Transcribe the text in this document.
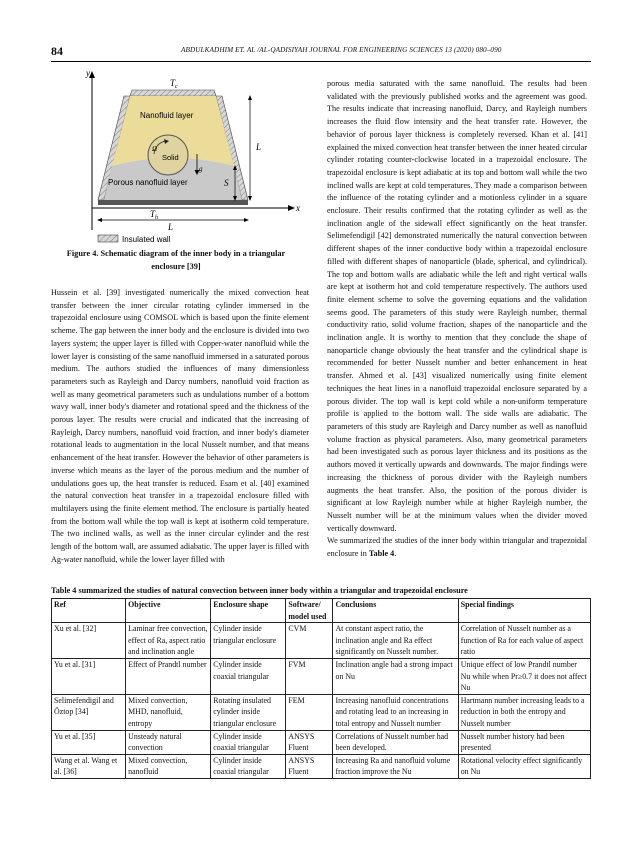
84	ABDULKADHIM ET. AL /AL-QADISIYAH JOURNAL FOR ENGINEERING SCIENCES 13 (2020) 080–090
y
x
$T_c$
Nanofluid layer
Ω
Solid
g
L
S
Porous nanofluid layer
$T_h$
L
Insulated wall
Figure 4. Schematic diagram of the inner body in a triangular
enclosure [39]

Hussein et al. [39] investigated numerically the mixed convection heat transfer between the inner circular rotating cylinder immersed in the trapezoidal enclosure using COMSOL which is based upon the finite element scheme. The gap between the inner body and the enclosure is divided into two layers system; the upper layer is filled with Copper-water nanofluid while the lower layer is consisting of the same nanofluid immersed in a saturated porous medium. The authors studied the influences of many dimensionless parameters such as Rayleigh and Darcy numbers, nanofluid void fraction as well as many geometrical parameters such as undulations number of a bottom wavy wall, inner body's diameter and rotational speed and the thickness of the porous layer. The results were crucial and indicated that the increasing of Rayleigh, Darcy numbers, nanofluid void fraction, and inner body's diameter rotational leads to augmentation in the local Nusselt number, and that means enhancement of the heat transfer. However the behavior of other parameters is inverse which means as the layer of the porous medium and the number of undulations goes up, the heat transfer is reduced. Esam et al. [40] examined the natural convection heat transfer in a trapezoidal enclosure filled with multilayers using the finite element method. The enclosure is partially heated from the bottom wall while the top wall is kept at isotherm cold temperature. The two inclined walls, as well as the inner circular cylinder and the rest length of the bottom wall, are assumed adiabatic. The upper layer is filled with Ag-water nanofluid, while the lower layer filled with

porous media saturated with the same nanofluid. The results had been validated with the previously published works and the agreement was good. The results indicate that increasing nanofluid, Darcy, and Rayleigh numbers increases the fluid flow intensity and the heat transfer rate. However, the behavior of porous layer thickness is completely reversed. Khan et al. [41] explained the mixed convection heat transfer between the inner heated circular cylinder rotating counter-clockwise located in a trapezoidal enclosure. The trapezoidal enclosure is kept adiabatic at its top and bottom wall while the two inclined walls are kept at cold temperatures. They made a comparison between the influence of the rotating cylinder and a motionless cylinder in a square enclosure. Their results confirmed that the rotating cylinder as well as the inclination angle of the sidewall effect significantly on the heat transfer. Selimefendigil [42] demonstrated numerically the natural convection between different shapes of the inner conductive body within a trapezoidal enclosure filled with different shapes of nanoparticle (blade, spherical, and cylindrical). The top and bottom walls are adiabatic while the left and right vertical walls are kept at isotherm hot and cold temperature respectively. The authors used finite element scheme to solve the governing equations and the validation seems good. The parameters of this study were Rayleigh number, thermal conductivity ratio, solid volume fraction, shapes of the nanoparticle and the inclination angle. It is worthy to mention that they conclude the shape of nanoparticle change obviously the heat transfer and the cylindrical shape is recommended for better Nusselt number and better enhancement in heat transfer. Ahmed et al. [43] visualized numerically using finite element techniques the heat lines in a nanofluid trapezoidal enclosure separated by a porous divider. The top wall is kept cold while a non-uniform temperature profile is applied to the bottom wall. The side walls are adiabatic. The parameters of this study are Rayleigh and Darcy number as well as nanofluid volume fraction as physical parameters. Also, many geometrical parameters had been investigated such as porous layer thickness and its positions as the authors moved it vertically upwards and downwards. The major findings were increasing the thickness of porous divider with the Rayleigh numbers augments the heat transfer. Also, the position of the porous divider is significant at low Rayleigh number while at higher Rayleigh number, the Nusselt number will be at the minimum values when the divider moved vertically downward.

We summarized the studies of the inner body within triangular and trapezoidal enclosure in Table 4.

Table 4 summarized the studies of natural convection between inner body within a triangular and trapezoidal enclosure
Ref	Objective	Enclosure shape	Software/ model used	Conclusions	Special findings
Xu et al. [32]	Laminar free convection, effect of Ra, aspect ratio and inclination angle	Cylinder inside triangular enclosure	CVM	At constant aspect ratio, the inclination angle and Ra effect significantly on Nusselt number.	Correlation of Nusselt number as a function of Ra for each value of aspect ratio
Yu et al. [31]	Effect of Prandtl number	Cylinder inside coaxial triangular	FVM	Inclination angle had a strong impact on Nu	Unique effect of low Prandtl number Nu while when Pr≥0.7 it does not affect Nu
Selimefendigil and Öztop [34]	Mixed convection, MHD, nanofluid, entropy	Rotating insulated cylinder inside triangular enclosure	FEM	Increasing nanofluid concentrations and rotating lead to an increasing in total entropy and Nusselt number	Hartmann number increasing leads to a reduction in both the entropy and Nusselt number
Yu et al. [35]	Unsteady natural convection	Cylinder inside coaxial triangular	ANSYS Fluent	Correlations of Nusselt number had been developed.	Nusselt number history had been presented
Wang et al. Wang et al. [36]	Mixed convection, nanofluid	Cylinder inside coaxial triangular	ANSYS Fluent	Increasing Ra and nanofluid volume fraction improve the Nu	Rotational velocity effect significantly on Nu
